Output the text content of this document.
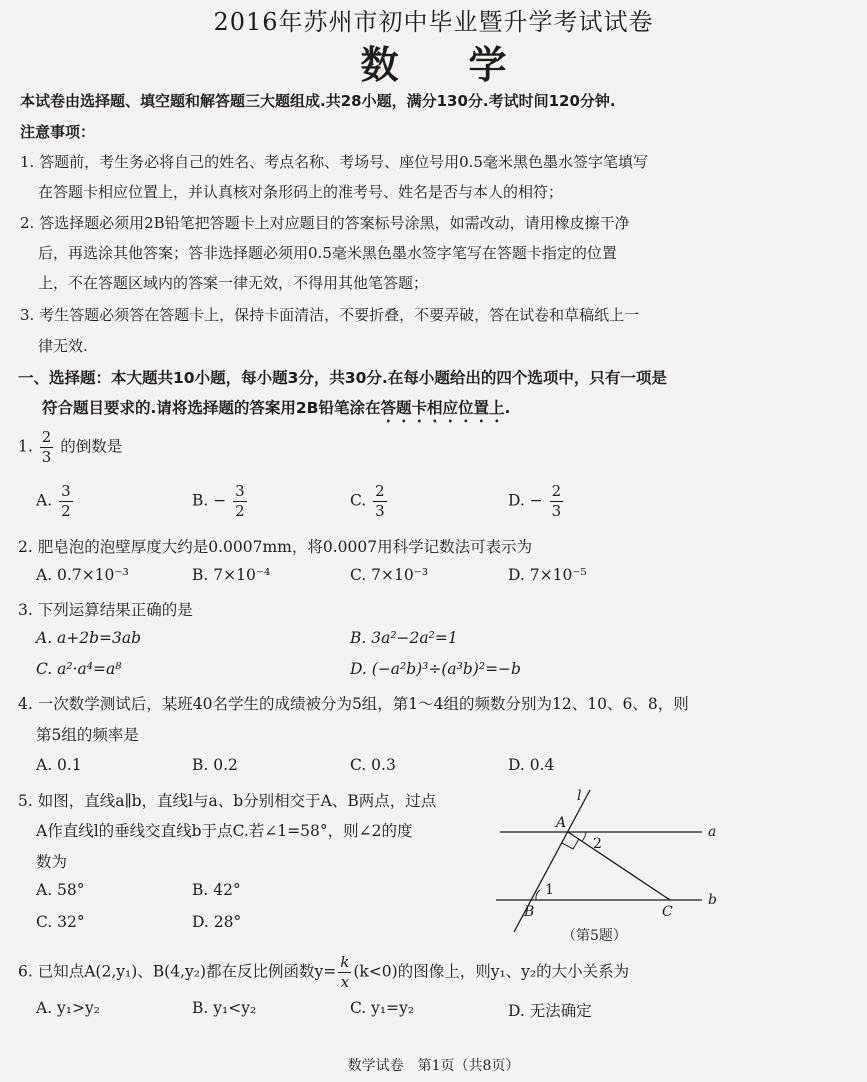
2016年苏州市初中毕业暨升学考试试卷
数学
本试卷由选择题、填空题和解答题三大题组成.共28小题，满分130分.考试时间120分钟.
注意事项：
1. 答题前，考生务必将自己的姓名、考点名称、考场号、座位号用0.5毫米黑色墨水签字笔填写
在答题卡相应位置上，并认真核对条形码上的准考号、姓名是否与本人的相符；
2. 答选择题必须用2B铅笔把答题卡上对应题目的答案标号涂黑，如需改动，请用橡皮擦干净
后，再选涂其他答案；答非选择题必须用0.5毫米黑色墨水签字笔写在答题卡指定的位置
上，不在答题区域内的答案一律无效，不得用其他笔答题；
3. 考生答题必须答在答题卡上，保持卡面清洁，不要折叠，不要弄破，答在试卷和草稿纸上一
律无效.
一、选择题：本大题共10小题，每小题3分，共30分.在每小题给出的四个选项中，只有一项是
符合题目要求的.请将选择题的答案用2B铅笔涂在答题卡相应位置上.
1. $\frac{2}{3}$ 的倒数是
A. $\frac{3}{2}$	B. − $\frac{3}{2}$	C. $\frac{2}{3}$	D. − $\frac{2}{3}$
2. 肥皂泡的泡壁厚度大约是0.0007mm，将0.0007用科学记数法可表示为
A. 0.7×10⁻³	B. 7×10⁻⁴	C. 7×10⁻³	D. 7×10⁻⁵
3. 下列运算结果正确的是
A. a+2b=3ab	B. 3a²−2a²=1
C. a²·a⁴=a⁸	D. (−a²b)³÷(a³b)²=−b
4. 一次数学测试后，某班40名学生的成绩被分为5组，第1～4组的频数分别为12、10、6、8，则
第5组的频率是
A. 0.1	B. 0.2	C. 0.3	D. 0.4
5. 如图，直线a∥b，直线l与a、b分别相交于A、B两点，过点
A作直线l的垂线交直线b于点C.若∠1=58°，则∠2的度
数为
A. 58°	B. 42°
C. 32°	D. 28°
l
a
b
A
B	C
1
2
（第5题）
6. 已知点A(2,y₁)、B(4,y₂)都在反比例函数$y= \frac{k}{x} (k<0)$的图像上，则y₁、y₂的大小关系为
A. y₁>y₂	B. y₁<y₂	C. y₁=y₂	D. 无法确定
数学试卷　第1页（共8页）
